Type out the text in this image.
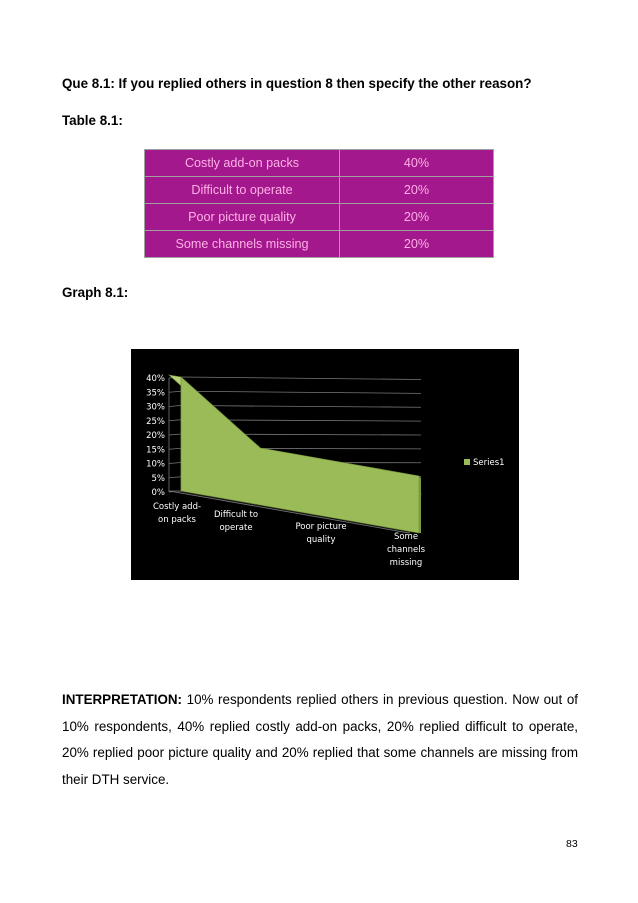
Que 8.1: If you replied others in question 8 then specify the other reason?
Table 8.1:
Costly add-on packs	40%
Difficult to operate	20%
Poor picture quality	20%
Some channels missing	20%
Graph 8.1:
0%
5%
10%
15%
20%
25%
30%
35%
40%
Costly add-on packs	Difficult to operate	Poor picture quality	Some channels missing
Series1
INTERPRETATION: 10% respondents replied others in previous question. Now out of 10% respondents, 40% replied costly add-on packs, 20% replied difficult to operate, 20% replied poor picture quality and 20% replied that some channels are missing from their DTH service.
83
